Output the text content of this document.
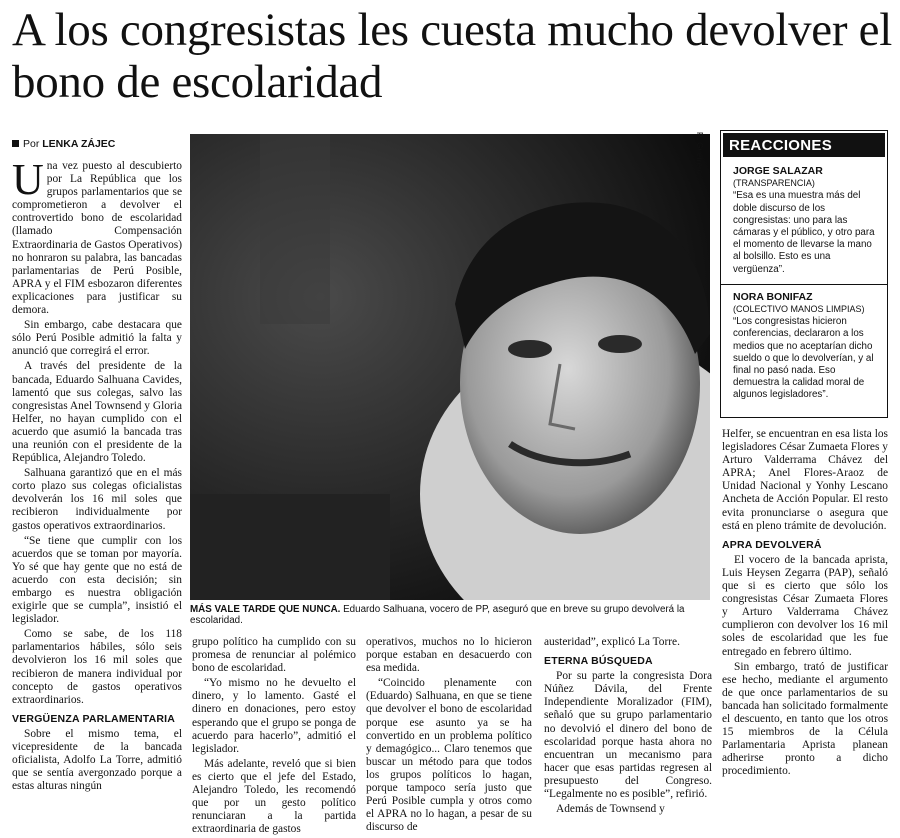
A los congresistas les cuesta mucho devolver el bono de escolaridad
Por LENKA ZÁJEC

Una vez puesto al descubierto por La República que los grupos parlamentarios que se comprometieron a devolver el controvertido bono de escolaridad (llamado Compensación Extraordinaria de Gastos Operativos) no honraron su palabra, las bancadas parlamentarias de Perú Posible, APRA y el FIM esbozaron diferentes explicaciones para justificar su demora.

Sin embargo, cabe destacara que sólo Perú Posible admitió la falta y anunció que corregirá el error.

A través del presidente de la bancada, Eduardo Salhuana Cavides, lamentó que sus colegas, salvo las congresistas Anel Townsend y Gloria Helfer, no hayan cumplido con el acuerdo que asumió la bancada tras una reunión con el presidente de la República, Alejandro Toledo.

Salhuana garantizó que en el más corto plazo sus colegas oficialistas devolverán los 16 mil soles que recibieron individualmente por gastos operativos extraordinarios.

“Se tiene que cumplir con los acuerdos que se toman por mayoría. Yo sé que hay gente que no está de acuerdo con esta decisión; sin embargo es nuestra obligación exigirle que se cumpla”, insistió el legislador.

Como se sabe, de los 118 parlamentarios hábiles, sólo seis devolvieron los 16 mil soles que recibieron de manera individual por concepto de gastos operativos extraordinarios.

VERGÜENZA PARLAMENTARIA

Sobre el mismo tema, el vicepresidente de la bancada oficialista, Adolfo La Torre, admitió que se sentía avergonzado porque a estas alturas ningún

R. Guerrero
MÁS VALE TARDE QUE NUNCA. Eduardo Salhuana, vocero de PP, aseguró que en breve su grupo devolverá la escolaridad.
REACCIONES
JORGE SALAZAR
(TRANSPARENCIA)
“Esa es una muestra más del doble discurso de los congresistas: uno para las cámaras y el público, y otro para el momento de llevarse la mano al bolsillo. Esto es una vergüenza”.
NORA BONIFAZ
(COLECTIVO MANOS LIMPIAS)
“Los congresistas hicieron conferencias, declararon a los medios que no aceptarían dicho sueldo o que lo devolverían, y al final no pasó nada. Eso demuestra la calidad moral de algunos legisladores”.

grupo político ha cumplido con su promesa de renunciar al polémico bono de escolaridad.

“Yo mismo no he devuelto el dinero, y lo lamento. Gasté el dinero en donaciones, pero estoy esperando que el grupo se ponga de acuerdo para hacerlo”, admitió el legislador.

Más adelante, reveló que si bien es cierto que el jefe del Estado, Alejandro Toledo, les recomendó que por un gesto político renunciaran a la partida extraordinaria de gastos

operativos, muchos no lo hicieron porque estaban en desacuerdo con esa medida.

“Coincido plenamente con (Eduardo) Salhuana, en que se tiene que devolver el bono de escolaridad porque ese asunto ya se ha convertido en un problema político y demagógico... Claro tenemos que buscar un método para que todos los grupos políticos lo hagan, porque tampoco sería justo que Perú Posible cumpla y otros como el APRA no lo hagan, a pesar de su discurso de

austeridad”, explicó La Torre.

ETERNA BÚSQUEDA

Por su parte la congresista Dora Núñez Dávila, del Frente Independiente Moralizador (FIM), señaló que su grupo parlamentario no devolvió el dinero del bono de escolaridad porque hasta ahora no encuentran un mecanismo para hacer que esas partidas regresen al presupuesto del Congreso. “Legalmente no es posible”, refirió.

Además de Townsend y

Helfer, se encuentran en esa lista los legisladores César Zumaeta Flores y Arturo Valderrama Chávez del APRA; Anel Flores-Araoz de Unidad Nacional y Yonhy Lescano Ancheta de Acción Popular. El resto evita pronunciarse o asegura que está en pleno trámite de devolución.

APRA DEVOLVERÁ

El vocero de la bancada aprista, Luis Heysen Zegarra (PAP), señaló que si es cierto que sólo los congresistas César Zumaeta Flores y Arturo Valderrama Chávez cumplieron con devolver los 16 mil soles de escolaridad que les fue entregado en febrero último.

Sin embargo, trató de justificar ese hecho, mediante el argumento de que once parlamentarios de su bancada han solicitado formalmente el descuento, en tanto que los otros 15 miembros de la Célula Parlamentaria Aprista planean adherirse pronto a dicho procedimiento.
